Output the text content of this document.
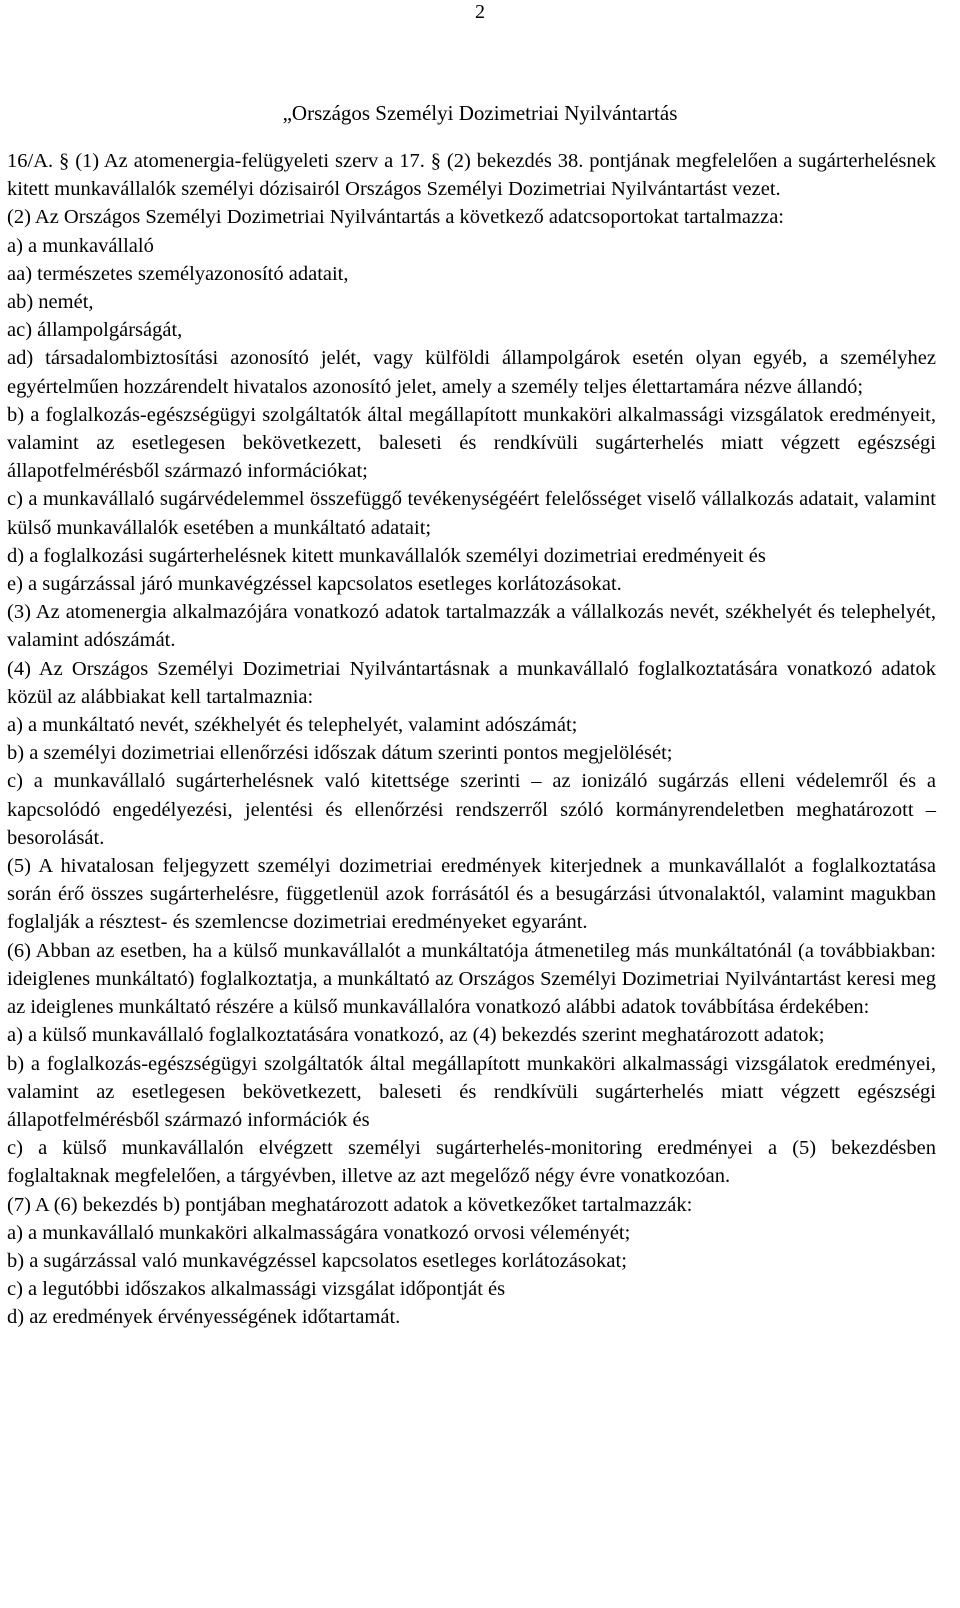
2
„Országos Személyi Dozimetriai Nyilvántartás

16/A. § (1) Az atomenergia-felügyeleti szerv a 17. § (2) bekezdés 38. pontjának megfelelően a sugárterhelésnek kitett munkavállalók személyi dózisairól Országos Személyi Dozimetriai Nyilvántartást vezet.

(2) Az Országos Személyi Dozimetriai Nyilvántartás a következő adatcsoportokat tartalmazza:

a) a munkavállaló

aa) természetes személyazonosító adatait,

ab) nemét,

ac) állampolgárságát,

ad) társadalombiztosítási azonosító jelét, vagy külföldi állampolgárok esetén olyan egyéb, a személyhez egyértelműen hozzárendelt hivatalos azonosító jelet, amely a személy teljes élettartamára nézve állandó;

b) a foglalkozás-egészségügyi szolgáltatók által megállapított munkaköri alkalmassági vizsgálatok eredményeit, valamint az esetlegesen bekövetkezett, baleseti és rendkívüli sugárterhelés miatt végzett egészségi állapotfelmérésből származó információkat;

c) a munkavállaló sugárvédelemmel összefüggő tevékenységéért felelősséget viselő vállalkozás adatait, valamint külső munkavállalók esetében a munkáltató adatait;

d) a foglalkozási sugárterhelésnek kitett munkavállalók személyi dozimetriai eredményeit és

e) a sugárzással járó munkavégzéssel kapcsolatos esetleges korlátozásokat.

(3) Az atomenergia alkalmazójára vonatkozó adatok tartalmazzák a vállalkozás nevét, székhelyét és telephelyét, valamint adószámát.

(4) Az Országos Személyi Dozimetriai Nyilvántartásnak a munkavállaló foglalkoztatására vonatkozó adatok közül az alábbiakat kell tartalmaznia:

a) a munkáltató nevét, székhelyét és telephelyét, valamint adószámát;

b) a személyi dozimetriai ellenőrzési időszak dátum szerinti pontos megjelölését;

c) a munkavállaló sugárterhelésnek való kitettsége szerinti – az ionizáló sugárzás elleni védelemről és a kapcsolódó engedélyezési, jelentési és ellenőrzési rendszerről szóló kormányrendeletben meghatározott – besorolását.

(5) A hivatalosan feljegyzett személyi dozimetriai eredmények kiterjednek a munkavállalót a foglalkoztatása során érő összes sugárterhelésre, függetlenül azok forrásától és a besugárzási útvonalaktól, valamint magukban foglalják a résztest- és szemlencse dozimetriai eredményeket egyaránt.

(6) Abban az esetben, ha a külső munkavállalót a munkáltatója átmenetileg más munkáltatónál (a továbbiakban: ideiglenes munkáltató) foglalkoztatja, a munkáltató az Országos Személyi Dozimetriai Nyilvántartást keresi meg az ideiglenes munkáltató részére a külső munkavállalóra vonatkozó alábbi adatok továbbítása érdekében:

a) a külső munkavállaló foglalkoztatására vonatkozó, az (4) bekezdés szerint meghatározott adatok;

b) a foglalkozás-egészségügyi szolgáltatók által megállapított munkaköri alkalmassági vizsgálatok eredményei, valamint az esetlegesen bekövetkezett, baleseti és rendkívüli sugárterhelés miatt végzett egészségi állapotfelmérésből származó információk és

c) a külső munkavállalón elvégzett személyi sugárterhelés-monitoring eredményei a (5) bekezdésben foglaltaknak megfelelően, a tárgyévben, illetve az azt megelőző négy évre vonatkozóan.

(7) A (6) bekezdés b) pontjában meghatározott adatok a következőket tartalmazzák:

a) a munkavállaló munkaköri alkalmasságára vonatkozó orvosi véleményét;

b) a sugárzással való munkavégzéssel kapcsolatos esetleges korlátozásokat;

c) a legutóbbi időszakos alkalmassági vizsgálat időpontját és

d) az eredmények érvényességének időtartamát.
